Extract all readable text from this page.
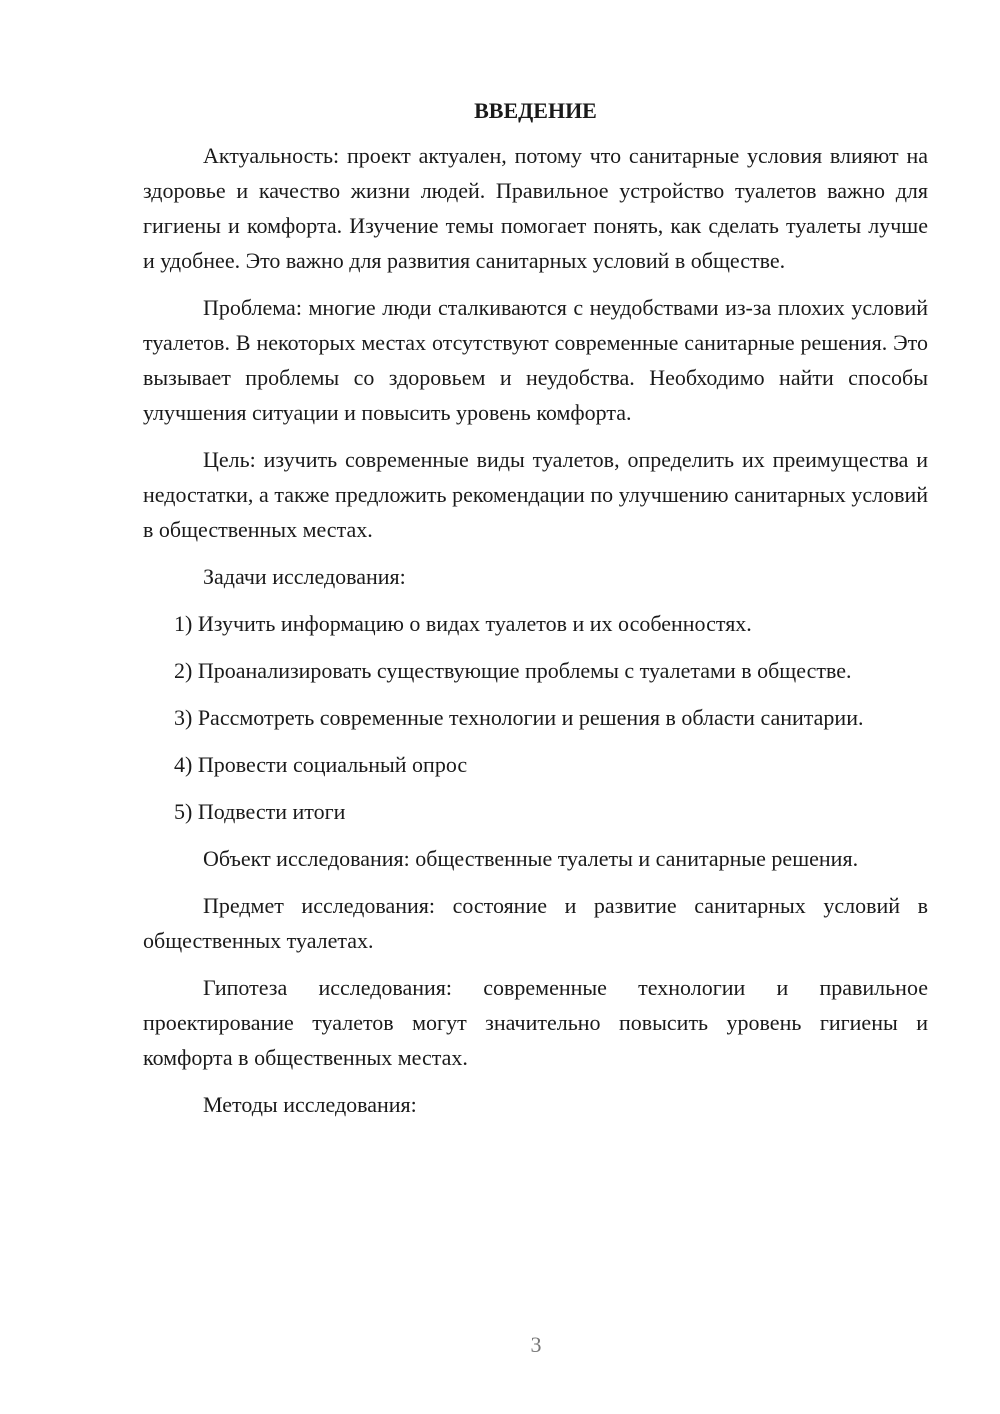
ВВЕДЕНИЕ

Актуальность: проект актуален, потому что санитарные условия влияют на здоровье и качество жизни людей. Правильное устройство туалетов важно для гигиены и комфорта. Изучение темы помогает понять, как сделать туалеты лучше и удобнее. Это важно для развития санитарных условий в обществе.

Проблема: многие люди сталкиваются с неудобствами из-за плохих условий туалетов. В некоторых местах отсутствуют современные санитарные решения. Это вызывает проблемы со здоровьем и неудобства. Необходимо найти способы улучшения ситуации и повысить уровень комфорта.

Цель: изучить современные виды туалетов, определить их преимущества и недостатки, а также предложить рекомендации по улучшению санитарных условий в общественных местах.

Задачи исследования:

1) Изучить информацию о видах туалетов и их особенностях.

2) Проанализировать существующие проблемы с туалетами в обществе.

3) Рассмотреть современные технологии и решения в области санитарии.

4) Провести социальный опрос

5) Подвести итоги

Объект исследования: общественные туалеты и санитарные решения.

Предмет исследования: состояние и развитие санитарных условий в общественных туалетах.

Гипотеза исследования: современные технологии и правильное проектирование туалетов могут значительно повысить уровень гигиены и комфорта в общественных местах.

Методы исследования:

3
